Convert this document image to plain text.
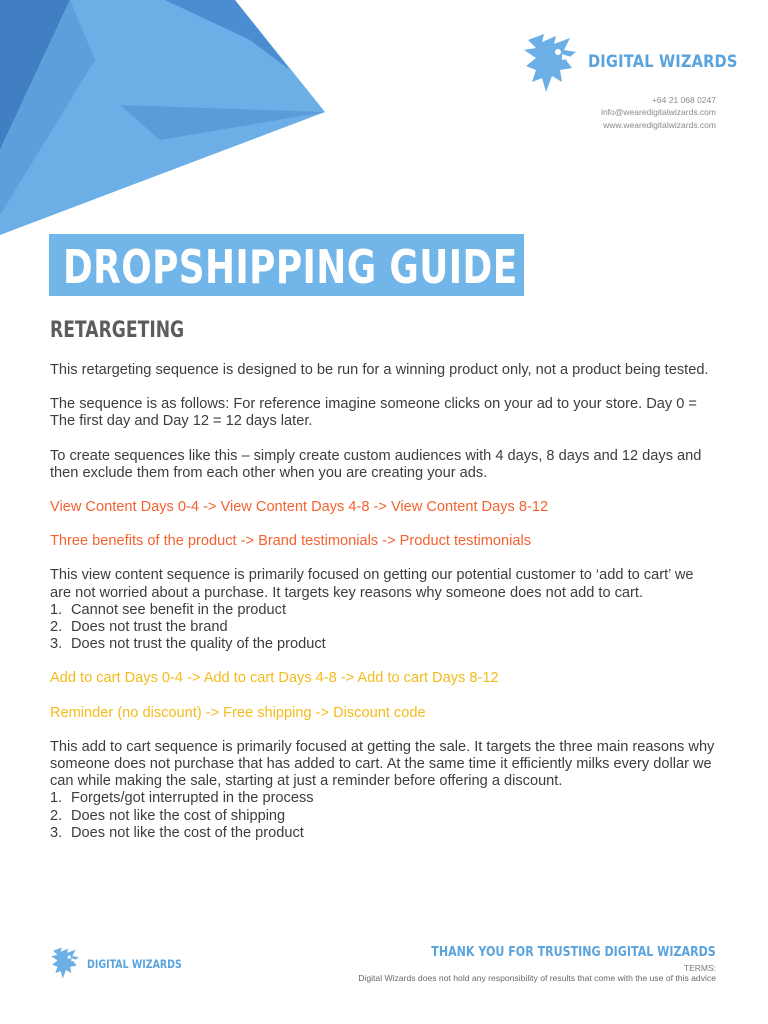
DIGITAL WIZARDS
+64 21 068 0247
info@wearedigitalwizards.com
www.wearedigitalwizards.com
DROPSHIPPING GUIDE
RETARGETING

This retargeting sequence is designed to be run for a winning product only, not a product being tested.

The sequence is as follows: For reference imagine someone clicks on your ad to your store. Day 0 = The first day and Day 12 = 12 days later.

To create sequences like this – simply create custom audiences with 4 days, 8 days and 12 days and then exclude them from each other when you are creating your ads.

View Content Days 0-4 -> View Content Days 4-8 -> View Content Days 8-12

Three benefits of the product -> Brand testimonials -> Product testimonials

This view content sequence is primarily focused on getting our potential customer to ‘add to cart’ we are not worried about a purchase. It targets key reasons why someone does not add to cart.

1. Cannot see benefit in the product
2. Does not trust the brand
3. Does not trust the quality of the product

Add to cart Days 0-4 -> Add to cart Days 4-8 -> Add to cart Days 8-12

Reminder (no discount) -> Free shipping -> Discount code

This add to cart sequence is primarily focused at getting the sale. It targets the three main reasons why someone does not purchase that has added to cart. At the same time it efficiently milks every dollar we can while making the sale, starting at just a reminder before offering a discount.

1. Forgets/got interrupted in the process
2. Does not like the cost of shipping
3. Does not like the cost of the product
DIGITAL WIZARDS
THANK YOU FOR TRUSTING DIGITAL WIZARDS
TERMS:
Digital Wizards does not hold any responsibility of results that come with the use of this advice
